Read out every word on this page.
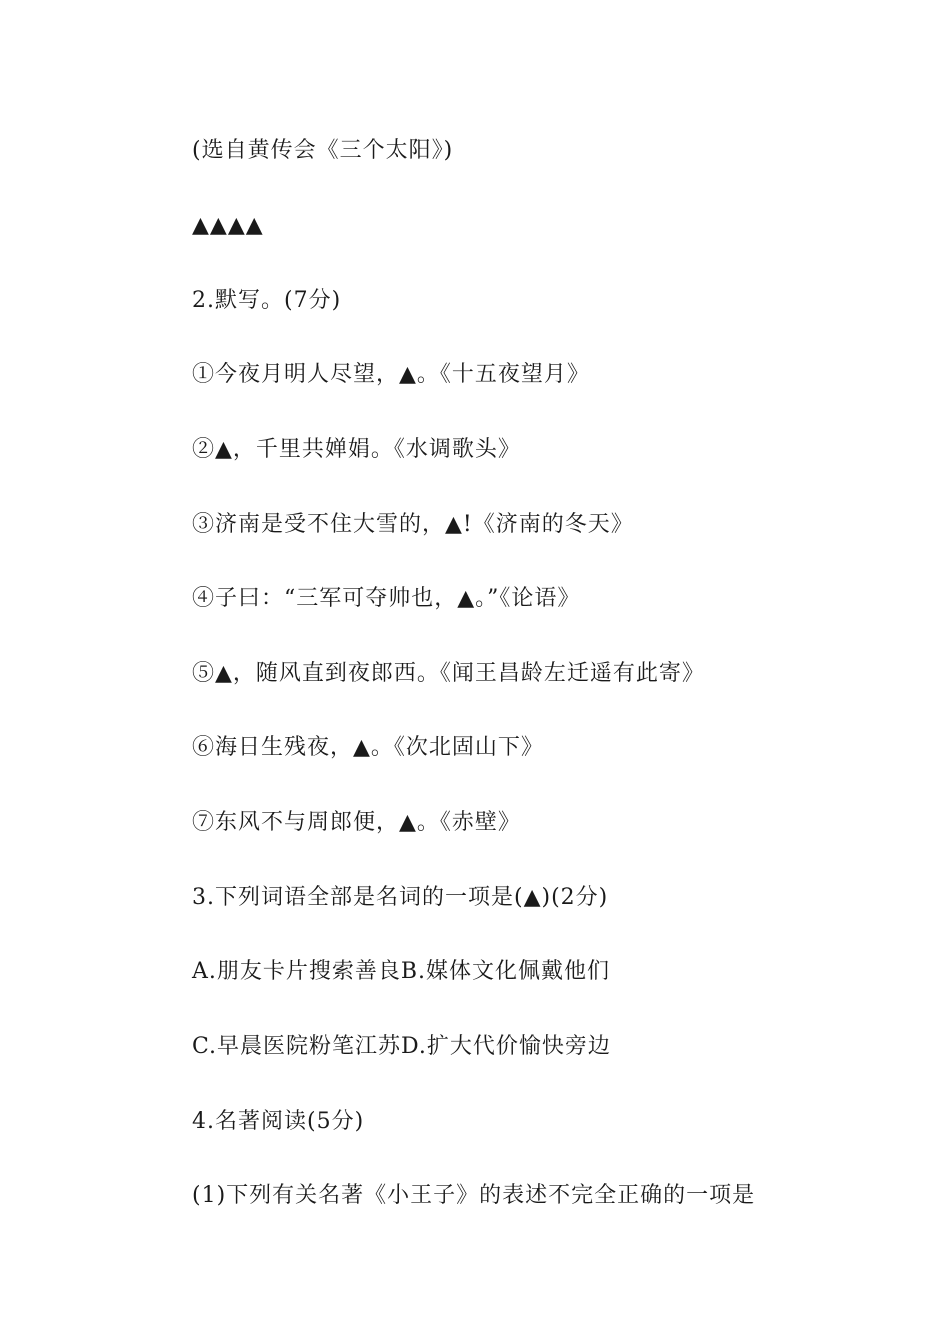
(选自黄传会《三个太阳》)
▲▲▲▲
2.默写。(7分)
①今夜月明人尽望，▲。《十五夜望月》
②▲，千里共婵娟。《水调歌头》
③济南是受不住大雪的，▲!《济南的冬天》
④子曰：“三军可夺帅也，▲。”《论语》
⑤▲，随风直到夜郎西。《闻王昌龄左迁遥有此寄》
⑥海日生残夜，▲。《次北固山下》
⑦东风不与周郎便，▲。《赤壁》
3.下列词语全部是名词的一项是(▲)(2分)
A.朋友卡片搜索善良B.媒体文化佩戴他们
C.早晨医院粉笔江苏D.扩大代价愉快旁边
4.名著阅读(5分)
(1)下列有关名著《小王子》的表述不完全正确的一项是
